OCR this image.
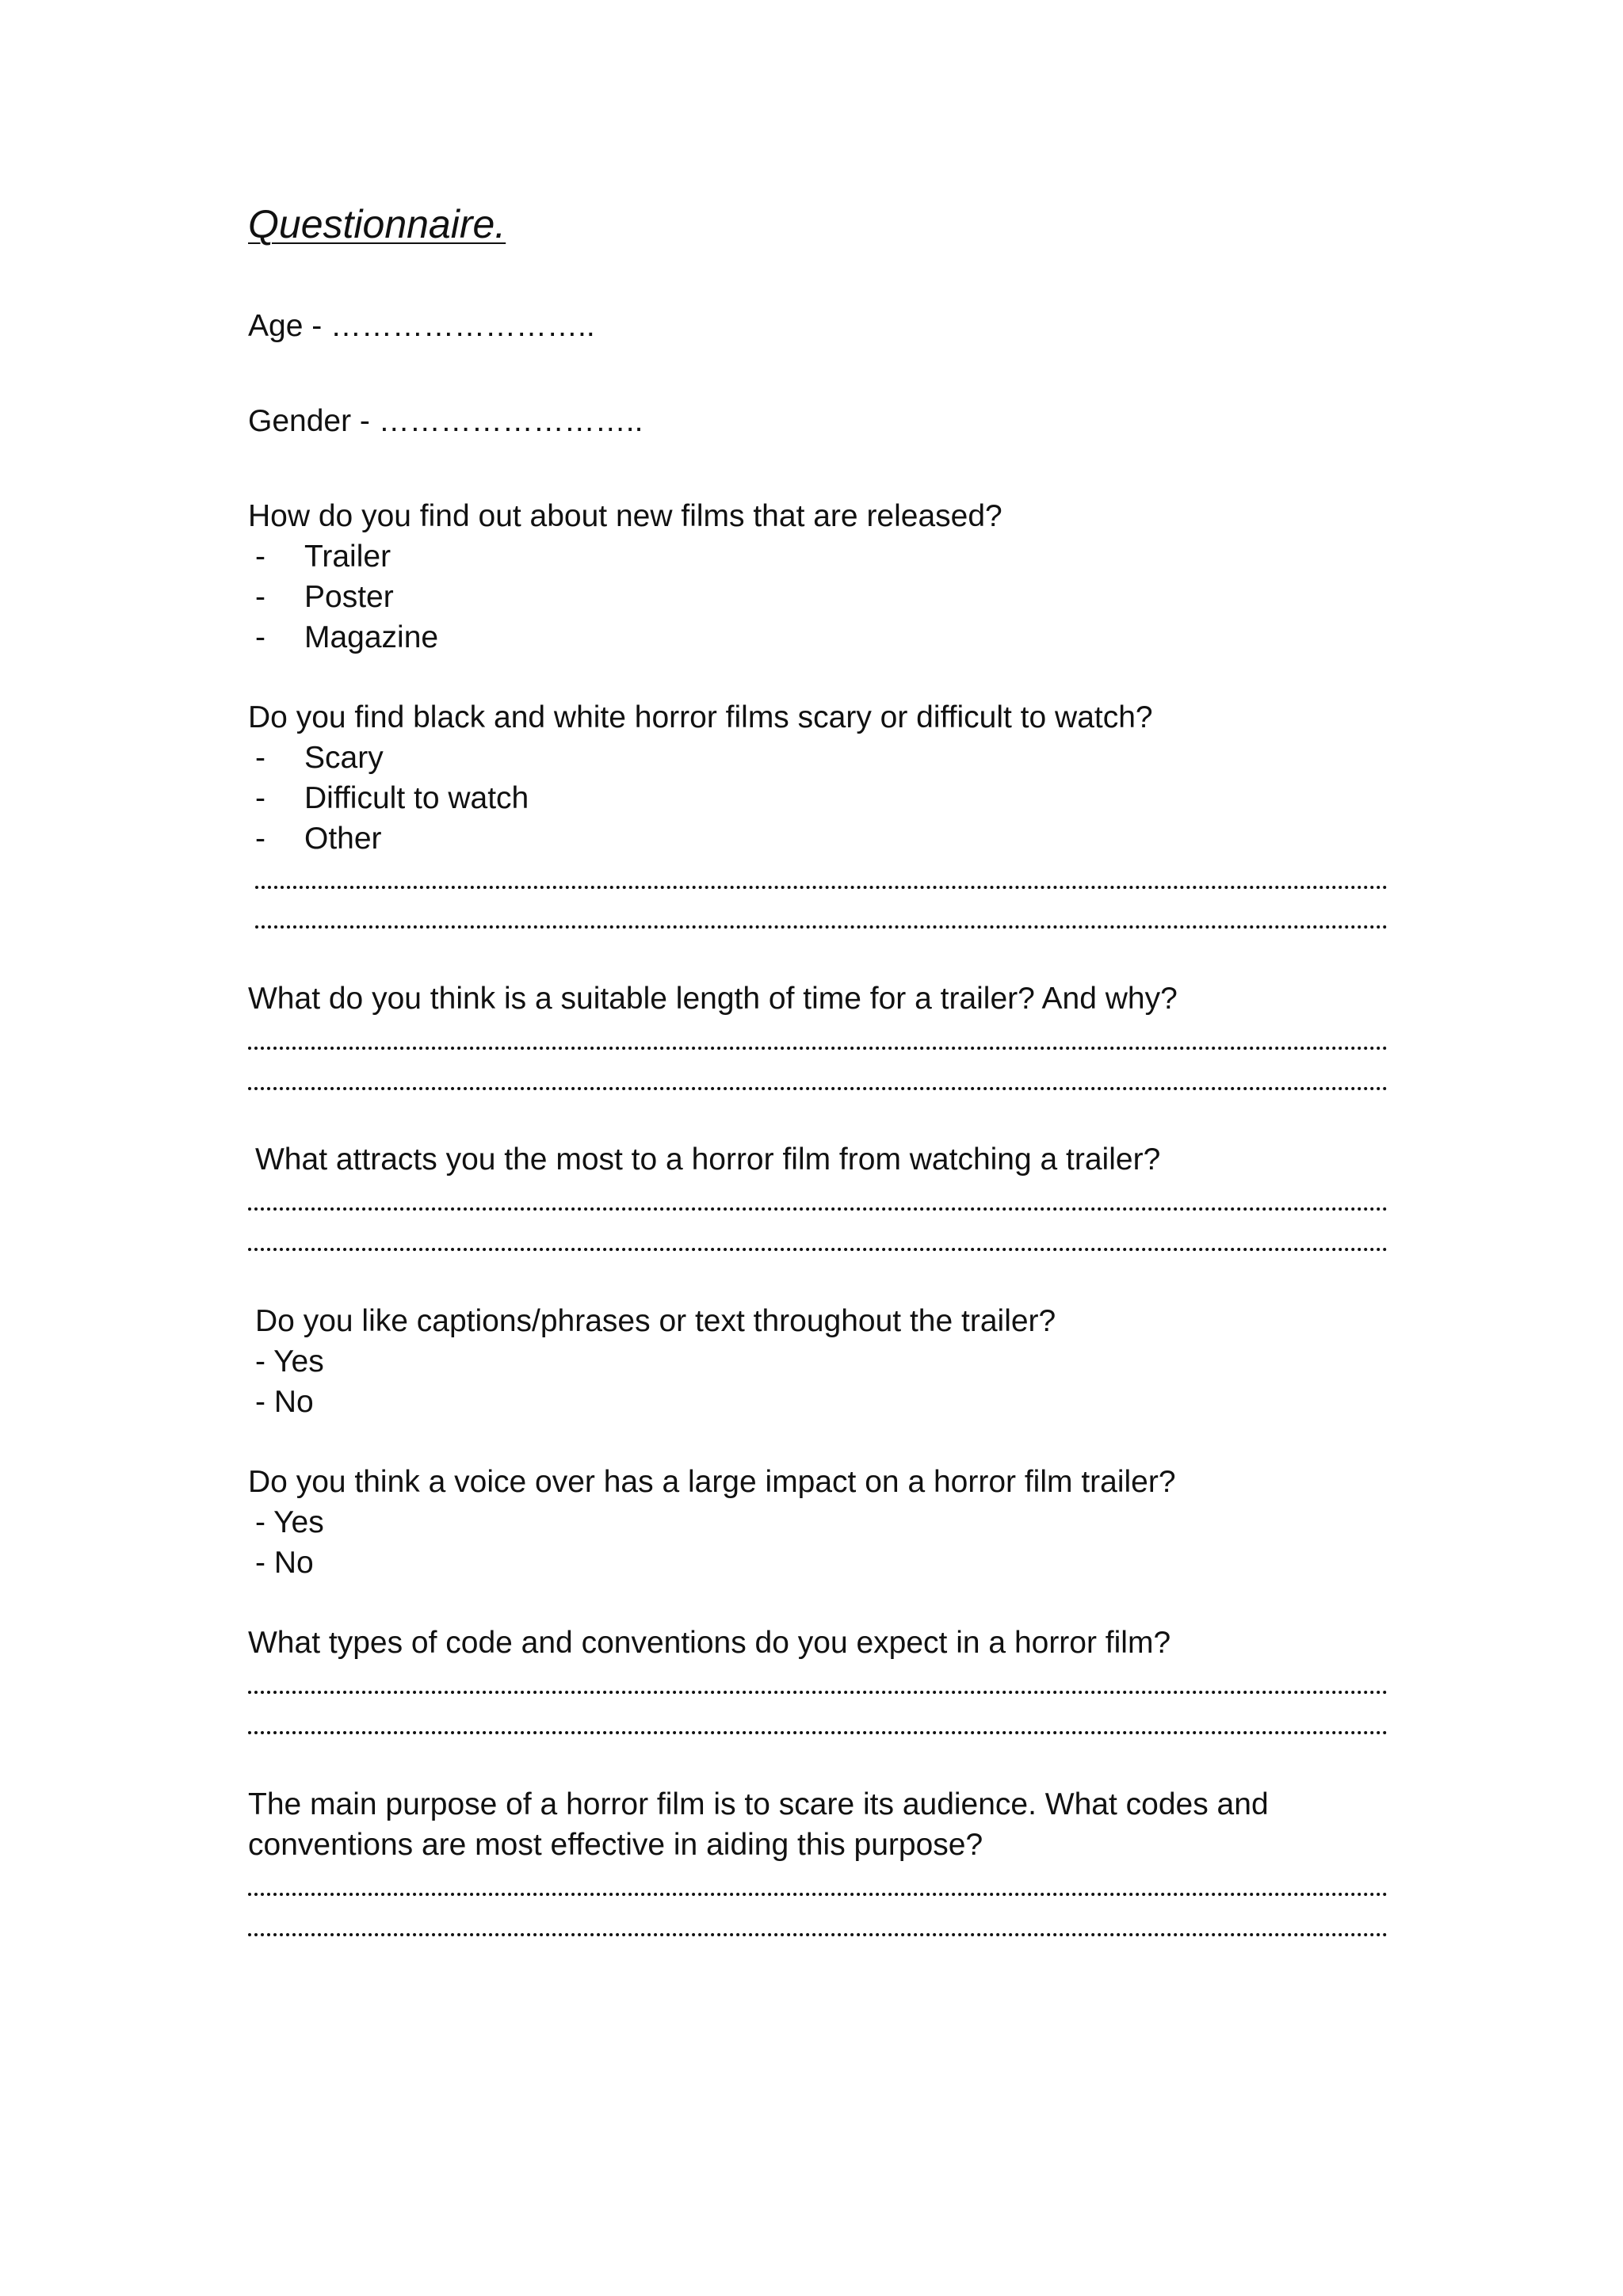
Questionnaire.
Age - ……………………..
Gender - ……………………..
How do you find out about new films that are released?
- Trailer
- Poster
- Magazine
Do you find black and white horror films scary or difficult to watch?
- Scary
- Difficult to watch
- Other
What do you think is a suitable length of time for a trailer? And why?
What attracts you the most to a horror film from watching a trailer?
Do you like captions/phrases or text throughout the trailer?
- Yes
- No
Do you think a voice over has a large impact on a horror film trailer?
- Yes
- No
What types of code and conventions do you expect in a horror film?
The main purpose of a horror film is to scare its audience. What codes and
conventions are most effective in aiding this purpose?
